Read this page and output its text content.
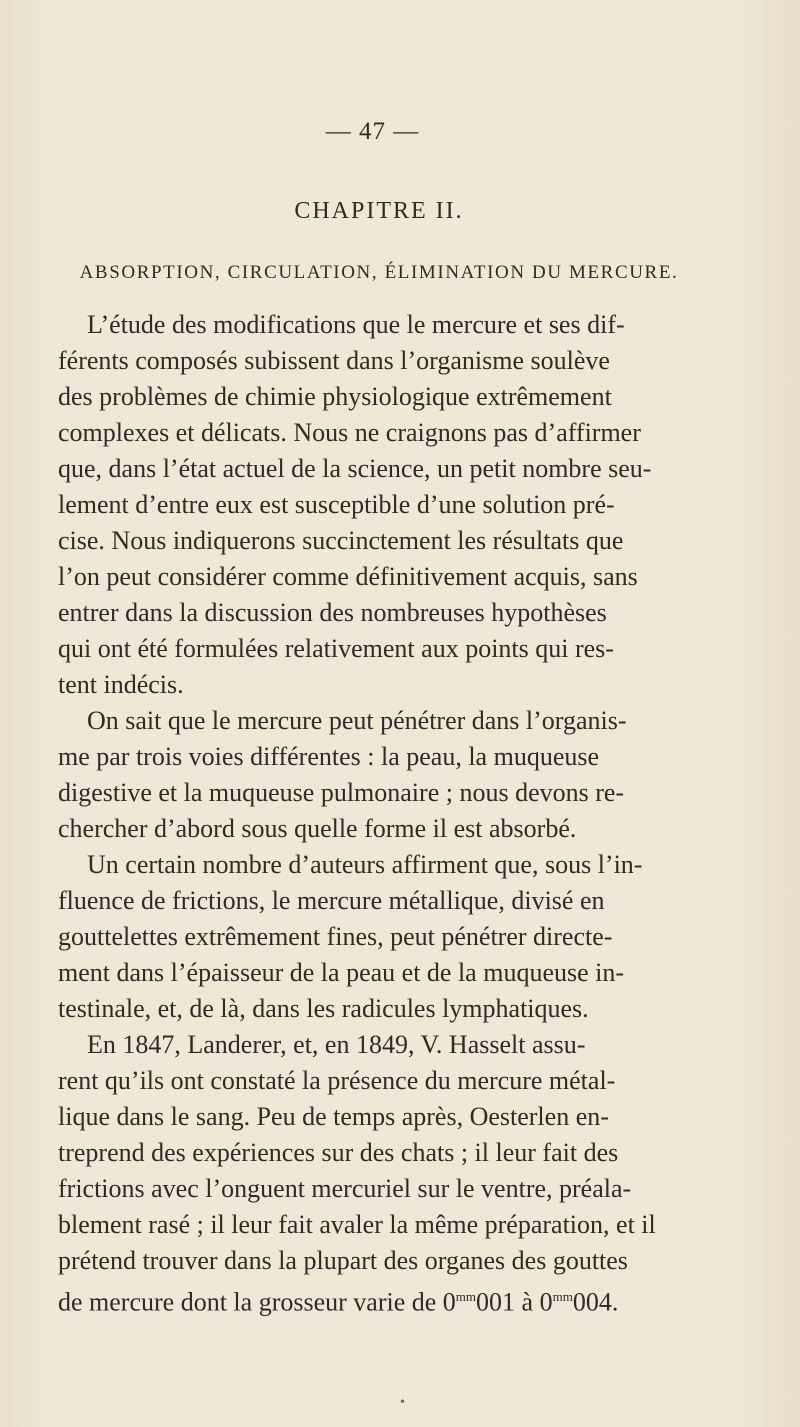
— 47 —
CHAPITRE II.
ABSORPTION, CIRCULATION, ÉLIMINATION DU MERCURE.
L’étude des modifications que le mercure et ses dif-
férents composés subissent dans l’organisme soulève
des problèmes de chimie physiologique extrêmement
complexes et délicats. Nous ne craignons pas d’affirmer
que, dans l’état actuel de la science, un petit nombre seu-
lement d’entre eux est susceptible d’une solution pré-
cise. Nous indiquerons succinctement les résultats que
l’on peut considérer comme définitivement acquis, sans
entrer dans la discussion des nombreuses hypothèses
qui ont été formulées relativement aux points qui res-
tent indécis.
On sait que le mercure peut pénétrer dans l’organis-
me par trois voies différentes : la peau, la muqueuse
digestive et la muqueuse pulmonaire ; nous devons re-
chercher d’abord sous quelle forme il est absorbé.
Un certain nombre d’auteurs affirment que, sous l’in-
fluence de frictions, le mercure métallique, divisé en
gouttelettes extrêmement fines, peut pénétrer directe-
ment dans l’épaisseur de la peau et de la muqueuse in-
testinale, et, de là, dans les radicules lymphatiques.
En 1847, Landerer, et, en 1849, V. Hasselt assu-
rent qu’ils ont constaté la présence du mercure métal-
lique dans le sang. Peu de temps après, Oesterlen en-
treprend des expériences sur des chats ; il leur fait des
frictions avec l’onguent mercuriel sur le ventre, préala-
blement rasé ; il leur fait avaler la même préparation, et il
prétend trouver dans la plupart des organes des gouttes
de mercure dont la grosseur varie de $0^{mm}001$ à $0^{mm}004$.
•
